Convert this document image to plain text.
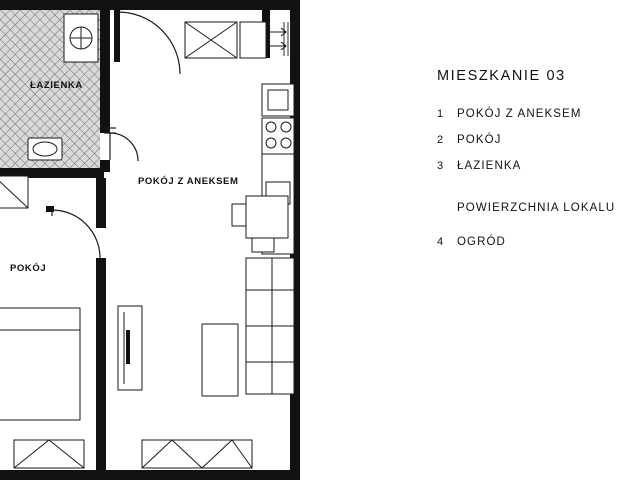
ŁAZIENKA
POKÓJ Z ANEKSEM
POKÓJ
MIESZKANIE 03
1	POKÓJ Z ANEKSEM
2	POKÓJ
3	ŁAZIENKA
POWIERZCHNIA LOKALU
4	OGRÓD
